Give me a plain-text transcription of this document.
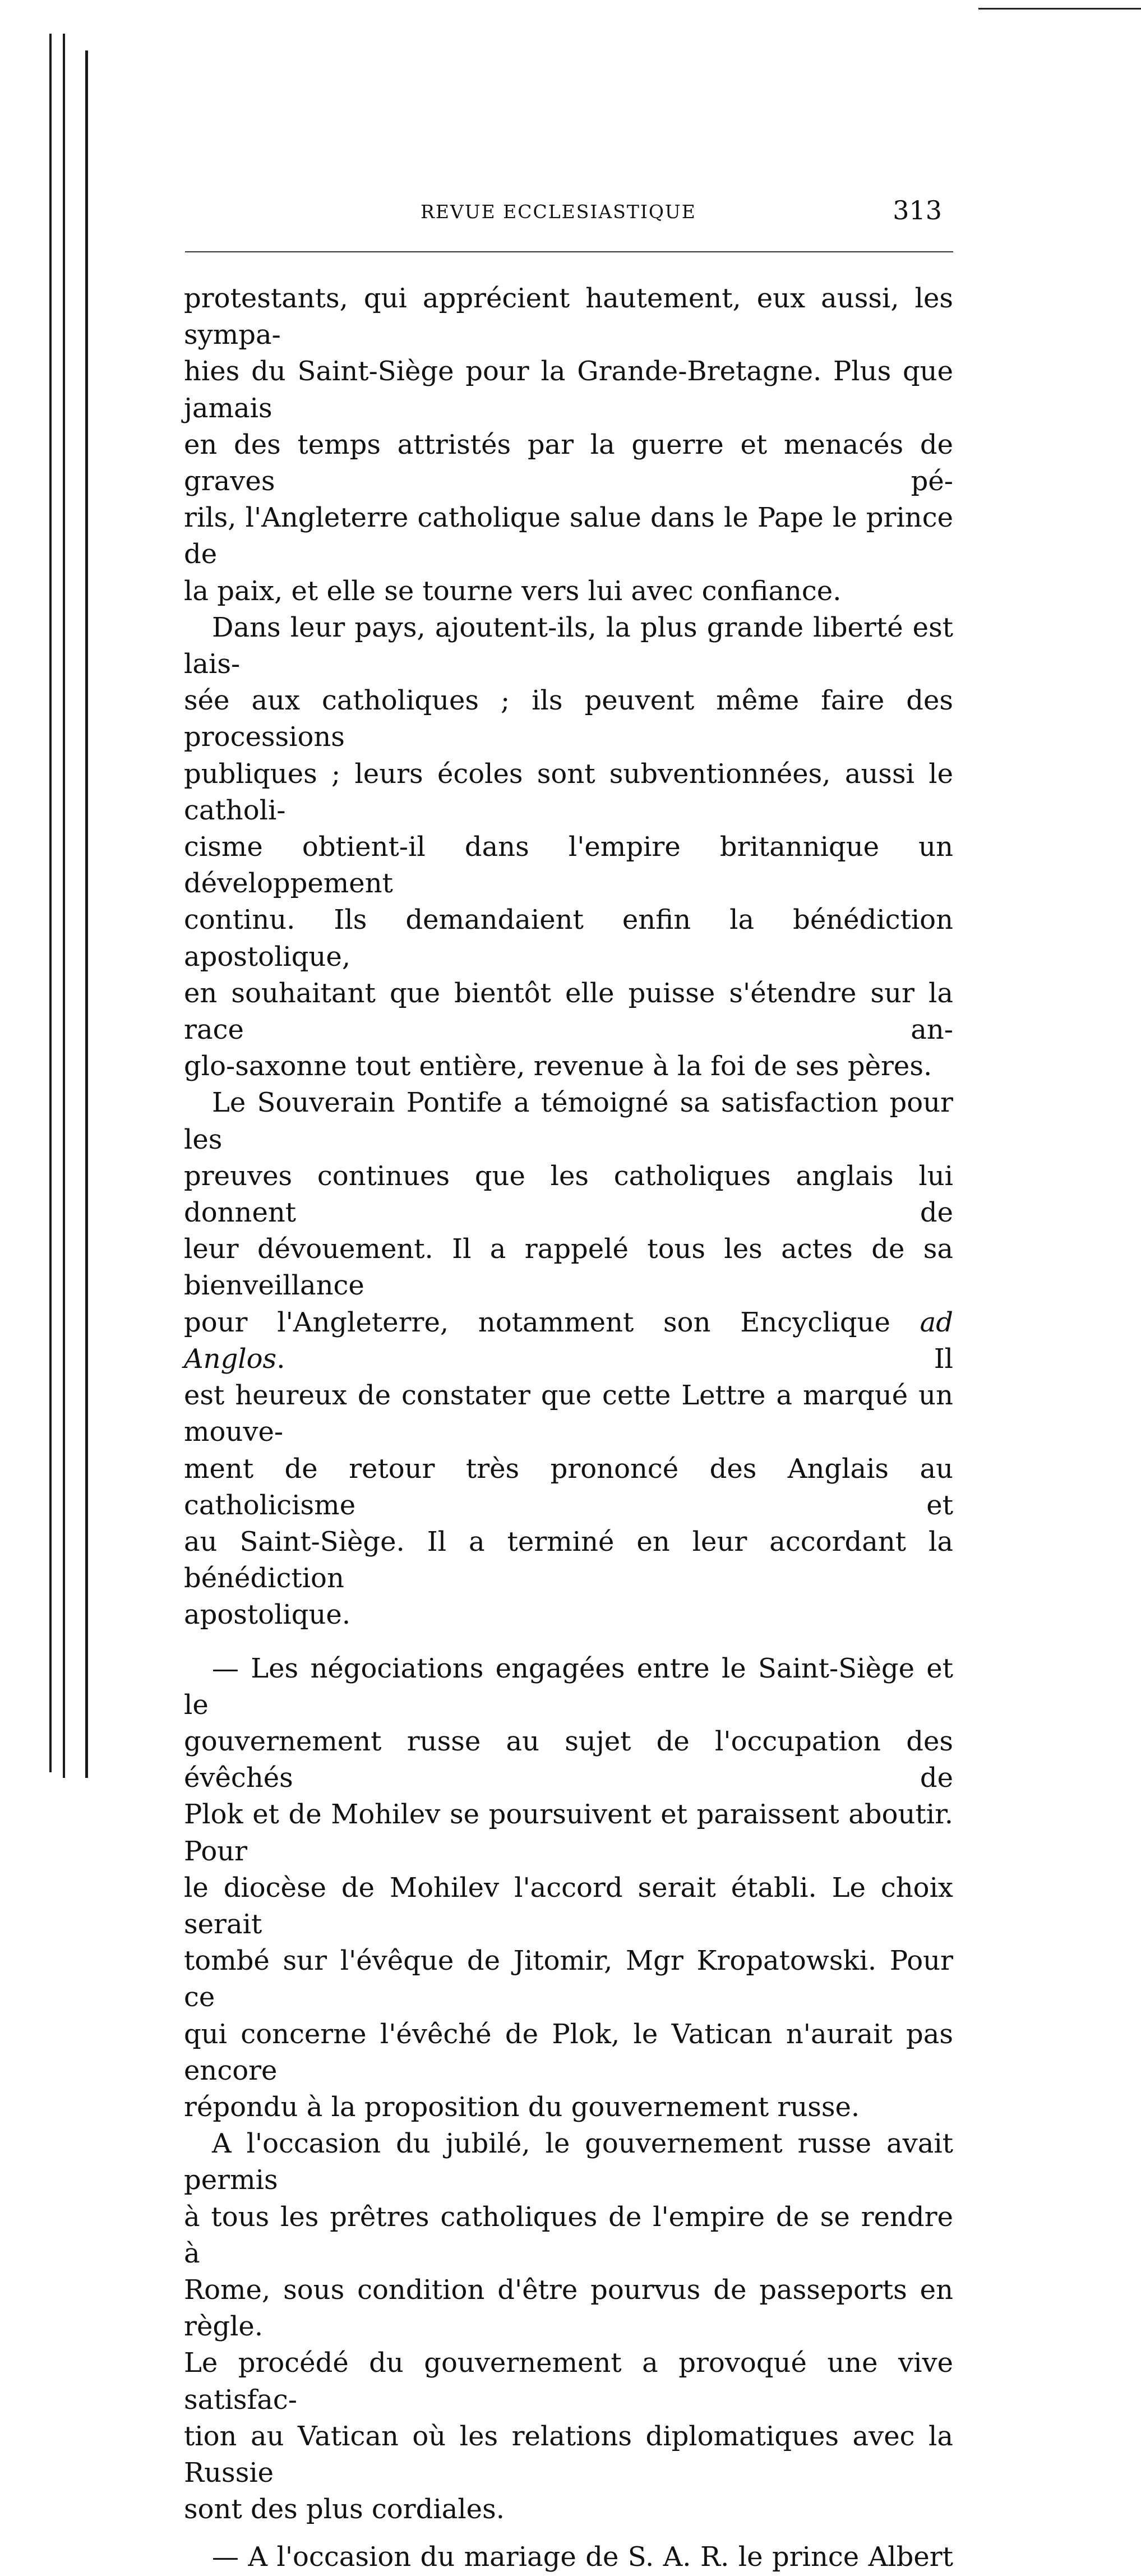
REVUE ECCLESIASTIQUE	313

protestants, qui apprécient hautement, eux aussi, les sympa-
hies du Saint-Siège pour la Grande-Bretagne. Plus que jamais
en des temps attristés par la guerre et menacés de graves pé-
rils, l'Angleterre catholique salue dans le Pape le prince de
la paix, et elle se tourne vers lui avec confiance.

Dans leur pays, ajoutent-ils, la plus grande liberté est lais-
sée aux catholiques ; ils peuvent même faire des processions
publiques ; leurs écoles sont subventionnées, aussi le catholi-
cisme obtient-il dans l'empire britannique un développement
continu. Ils demandaient enfin la bénédiction apostolique,
en souhaitant que bientôt elle puisse s'étendre sur la race an-
glo-saxonne tout entière, revenue à la foi de ses pères.

Le Souverain Pontife a témoigné sa satisfaction pour les
preuves continues que les catholiques anglais lui donnent de
leur dévouement. Il a rappelé tous les actes de sa bienveillance
pour l'Angleterre, notamment son Encyclique ad Anglos. Il
est heureux de constater que cette Lettre a marqué un mouve-
ment de retour très prononcé des Anglais au catholicisme et
au Saint-Siège. Il a terminé en leur accordant la bénédiction
apostolique.

— Les négociations engagées entre le Saint-Siège et le
gouvernement russe au sujet de l'occupation des évêchés de
Plok et de Mohilev se poursuivent et paraissent aboutir. Pour
le diocèse de Mohilev l'accord serait établi. Le choix serait
tombé sur l'évêque de Jitomir, Mgr Kropatowski. Pour ce
qui concerne l'évêché de Plok, le Vatican n'aurait pas encore
répondu à la proposition du gouvernement russe.

A l'occasion du jubilé, le gouvernement russe avait permis
à tous les prêtres catholiques de l'empire de se rendre à
Rome, sous condition d'être pourvus de passeports en règle.
Le procédé du gouvernement a provoqué une vive satisfac-
tion au Vatican où les relations diplomatiques avec la Russie
sont des plus cordiales.

— A l'occasion du mariage de S. A. R. le prince Albert
